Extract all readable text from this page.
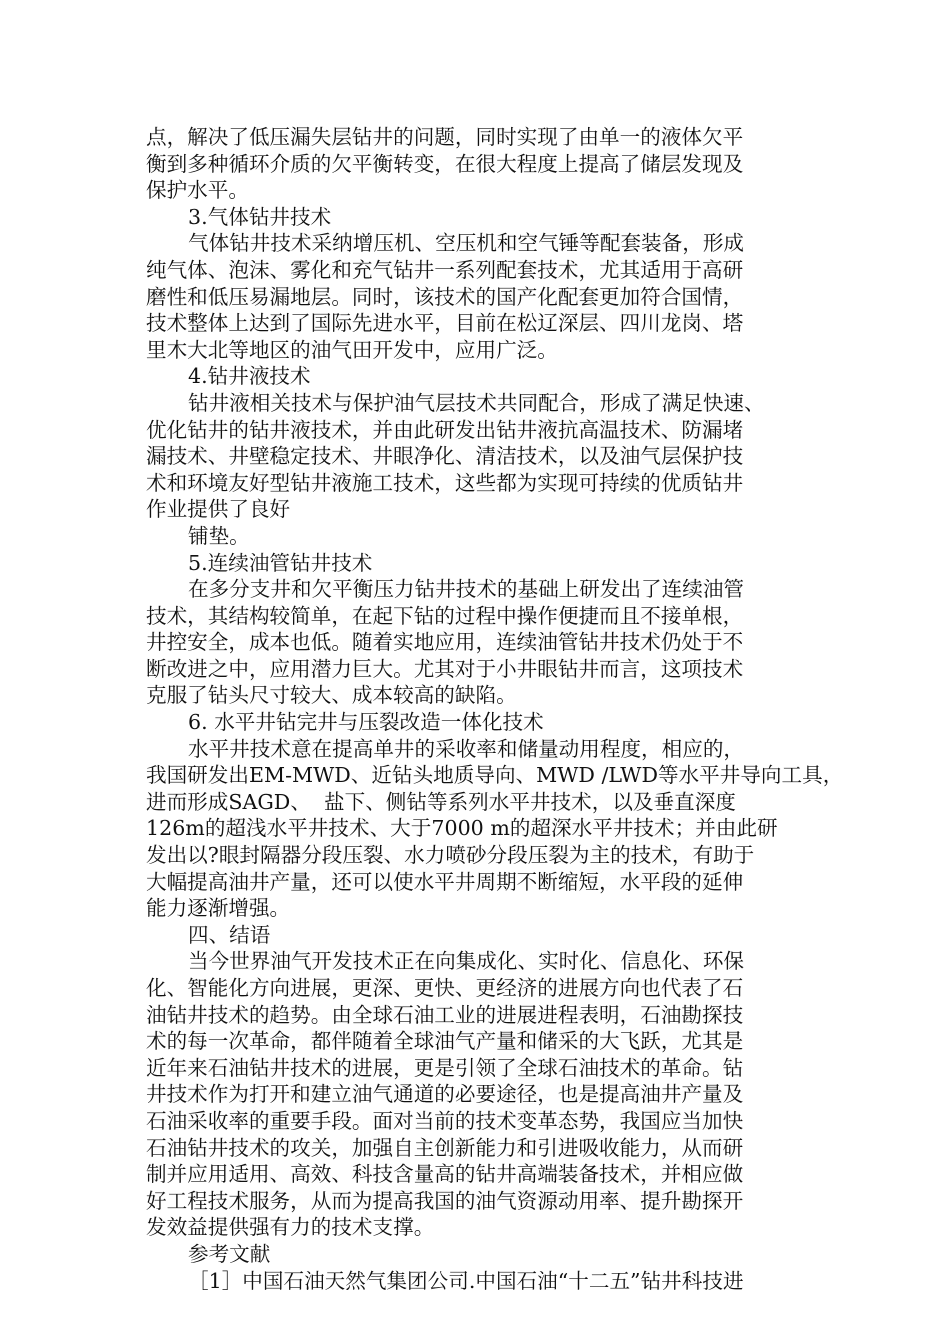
点，解决了低压漏失层钻井的问题，同时实现了由单一的液体欠平
衡到多种循环介质的欠平衡转变，在很大程度上提高了储层发现及
保护水平。
3.气体钻井技术
气体钻井技术采纳增压机、空压机和空气锤等配套装备，形成
纯气体、泡沫、雾化和充气钻井一系列配套技术，尤其适用于高研
磨性和低压易漏地层。同时，该技术的国产化配套更加符合国情，
技术整体上达到了国际先进水平，目前在松辽深层、四川龙岗、塔
里木大北等地区的油气田开发中，应用广泛。
4.钻井液技术
钻井液相关技术与保护油气层技术共同配合，形成了满足快速、
优化钻井的钻井液技术，并由此研发出钻井液抗高温技术、防漏堵
漏技术、井壁稳定技术、井眼净化、清洁技术，以及油气层保护技
术和环境友好型钻井液施工技术，这些都为实现可持续的优质钻井
作业提供了良好
铺垫。
5.连续油管钻井技术
在多分支井和欠平衡压力钻井技术的基础上研发出了连续油管
技术，其结构较简单，在起下钻的过程中操作便捷而且不接单根，
井控安全，成本也低。随着实地应用，连续油管钻井技术仍处于不
断改进之中，应用潜力巨大。尤其对于小井眼钻井而言，这项技术
克服了钻头尺寸较大、成本较高的缺陷。
6. 水平井钻完井与压裂改造一体化技术
水平井技术意在提高单井的采收率和储量动用程度，相应的，
我国研发出EM-MWD、近钻头地质导向、MWD /LWD等水平井导向工具，
进而形成SAGD、  盐下、侧钻等系列水平井技术，以及垂直深度
126m的超浅水平井技术、大于7000 m的超深水平井技术；并由此研
发出以?眼封隔器分段压裂、水力喷砂分段压裂为主的技术，有助于
大幅提高油井产量，还可以使水平井周期不断缩短，水平段的延伸
能力逐渐增强。
四、结语
当今世界油气开发技术正在向集成化、实时化、信息化、环保
化、智能化方向进展，更深、更快、更经济的进展方向也代表了石
油钻井技术的趋势。由全球石油工业的进展进程表明，石油勘探技
术的每一次革命，都伴随着全球油气产量和储采的大飞跃，尤其是
近年来石油钻井技术的进展，更是引领了全球石油技术的革命。钻
井技术作为打开和建立油气通道的必要途径，也是提高油井产量及
石油采收率的重要手段。面对当前的技术变革态势，我国应当加快
石油钻井技术的攻关，加强自主创新能力和引进吸收能力，从而研
制并应用适用、高效、科技含量高的钻井高端装备技术，并相应做
好工程技术服务，从而为提高我国的油气资源动用率、提升勘探开
发效益提供强有力的技术支撑。
参考文献
［1］中国石油天然气集团公司.中国石油“十二五”钻井科技进
